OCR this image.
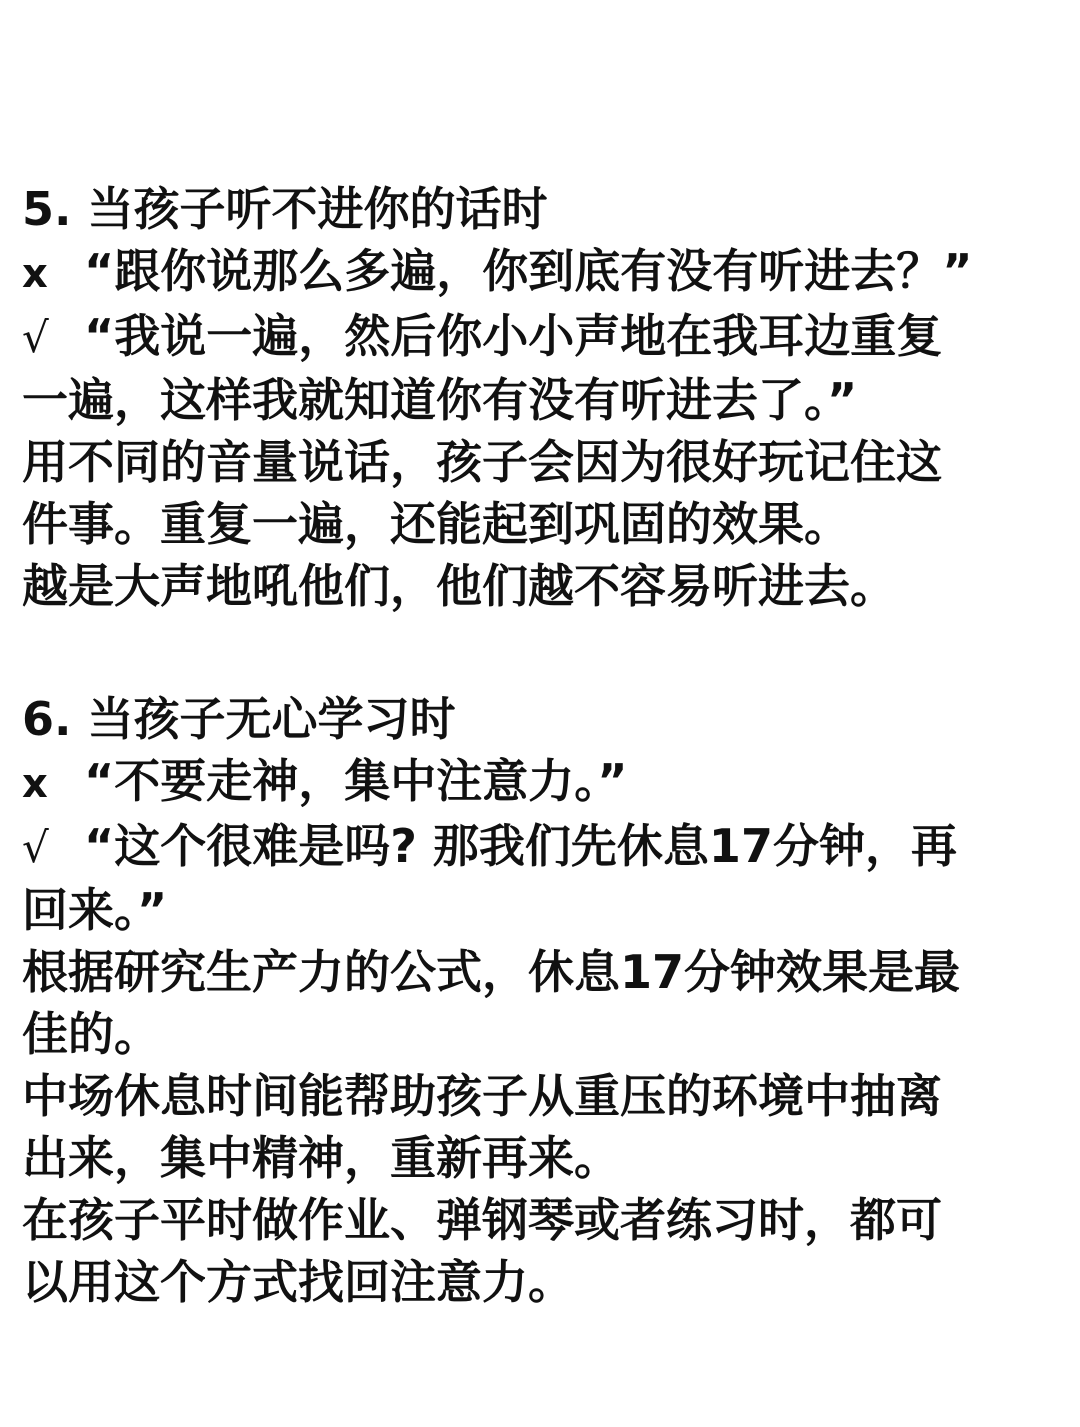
5. 当孩子听不进你的话时
x “跟你说那么多遍，你到底有没有听进去？”
√ “我说一遍，然后你小小声地在我耳边重复
一遍，这样我就知道你有没有听进去了。”
用不同的音量说话，孩子会因为很好玩记住这
件事。重复一遍，还能起到巩固的效果。
越是大声地吼他们，他们越不容易听进去。
6. 当孩子无心学习时
x “不要走神，集中注意力。”
√ “这个很难是吗? 那我们先休息17分钟，再
回来。”
根据研究生产力的公式，休息17分钟效果是最
佳的。
中场休息时间能帮助孩子从重压的环境中抽离
出来，集中精神，重新再来。
在孩子平时做作业、弹钢琴或者练习时，都可
以用这个方式找回注意力。
